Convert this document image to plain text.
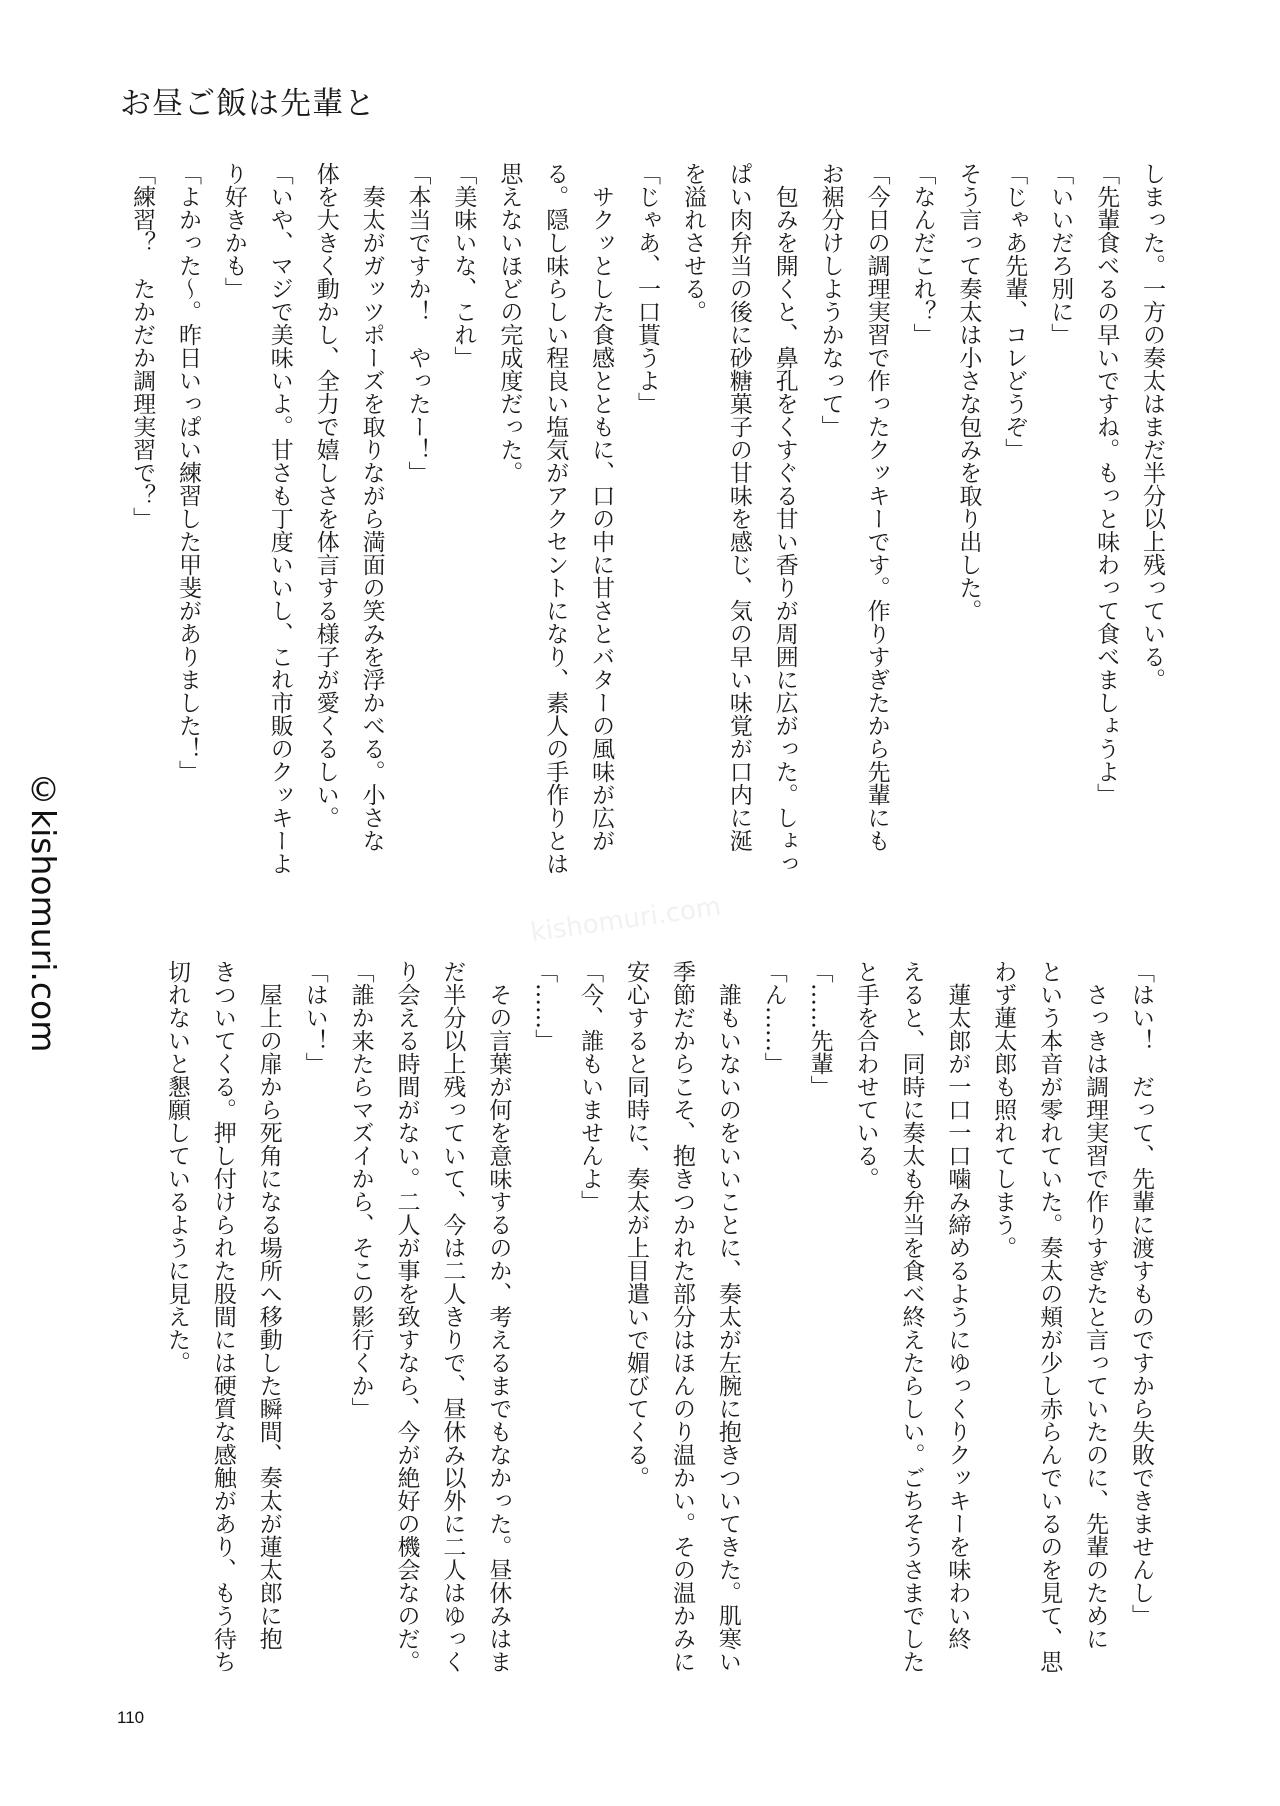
お昼ご飯は先輩と
しまった。一方の奏太はまだ半分以上残っている。
「先輩食べるの早いですね。もっと味わって食べましょうよ」
「いいだろ別に」
「じゃあ先輩、コレどうぞ」
そう言って奏太は小さな包みを取り出した。
「なんだこれ？」
「今日の調理実習で作ったクッキーです。作りすぎたから先輩にも
お裾分けしようかなって」
　包みを開くと、鼻孔をくすぐる甘い香りが周囲に広がった。しょっ
ぱい肉弁当の後に砂糖菓子の甘味を感じ、気の早い味覚が口内に涎
を溢れさせる。
「じゃあ、一口貰うよ」
　サクッとした食感とともに、口の中に甘さとバターの風味が広が
る。隠し味らしい程良い塩気がアクセントになり、素人の手作りとは
思えないほどの完成度だった。
「美味いな、これ」
「本当ですか！　やったー！」
　奏太がガッツポーズを取りながら満面の笑みを浮かべる。小さな
体を大きく動かし、全力で嬉しさを体言する様子が愛くるしい。
「いや、マジで美味いよ。甘さも丁度いいし、これ市販のクッキーよ
り好きかも」
「よかった～。昨日いっぱい練習した甲斐がありました！」
「練習？　たかだか調理実習で？」
「はい！　だって、先輩に渡すものですから失敗できませんし」
　さっきは調理実習で作りすぎたと言っていたのに、先輩のために
という本音が零れていた。奏太の頬が少し赤らんでいるのを見て、思
わず蓮太郎も照れてしまう。
　蓮太郎が一口一口噛み締めるようにゆっくりクッキーを味わい終
えると、同時に奏太も弁当を食べ終えたらしい。ごちそうさまでした
と手を合わせている。
「……先輩」
「ん……」
　誰もいないのをいいことに、奏太が左腕に抱きついてきた。肌寒い
季節だからこそ、抱きつかれた部分はほんのり温かい。その温かみに
安心すると同時に、奏太が上目遣いで媚びてくる。
「今、誰もいませんよ」
「……」
　その言葉が何を意味するのか、考えるまでもなかった。昼休みはま
だ半分以上残っていて、今は二人きりで、昼休み以外に二人はゆっく
り会える時間がない。二人が事を致すなら、今が絶好の機会なのだ。
「誰か来たらマズイから、そこの影行くか」
「はい！」
　屋上の扉から死角になる場所へ移動した瞬間、奏太が蓮太郎に抱
きついてくる。押し付けられた股間には硬質な感触があり、もう待ち
切れないと懇願しているように見えた。
©kishomuri.com	kishomuri.com
110
